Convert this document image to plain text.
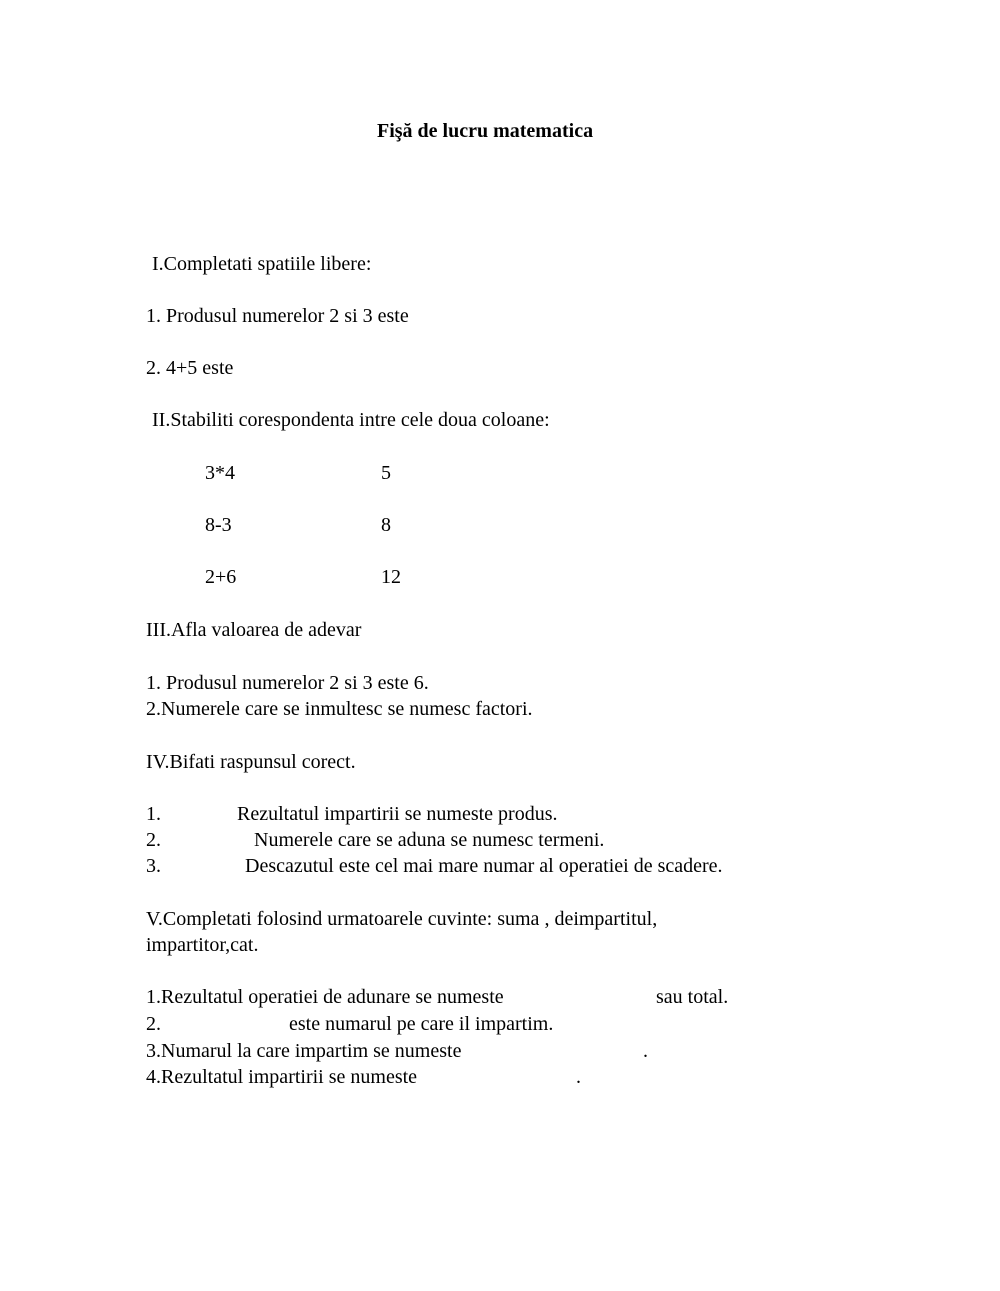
Fişă de lucru matematica
I.Completati spatiile libere:
1. Produsul numerelor 2 si 3 este
2. 4+5 este
II.Stabiliti corespondenta intre cele doua coloane:
3*4	5
8-3	8
2+6	12
III.Afla valoarea de adevar
1. Produsul numerelor 2 si 3 este 6.
2.Numerele care se inmultesc se numesc factori.
IV.Bifati raspunsul corect.
1.	Rezultatul impartirii se numeste produs.
2.	Numerele care se aduna se numesc termeni.
3.	Descazutul este cel mai mare numar al operatiei de scadere.
V.Completati folosind urmatoarele cuvinte: suma , deimpartitul,
impartitor,cat.
1.Rezultatul operatiei de adunare se numeste	sau total.
2.	este numarul pe care il impartim.
3.Numarul la care impartim se numeste	.
4.Rezultatul impartirii se numeste	.
